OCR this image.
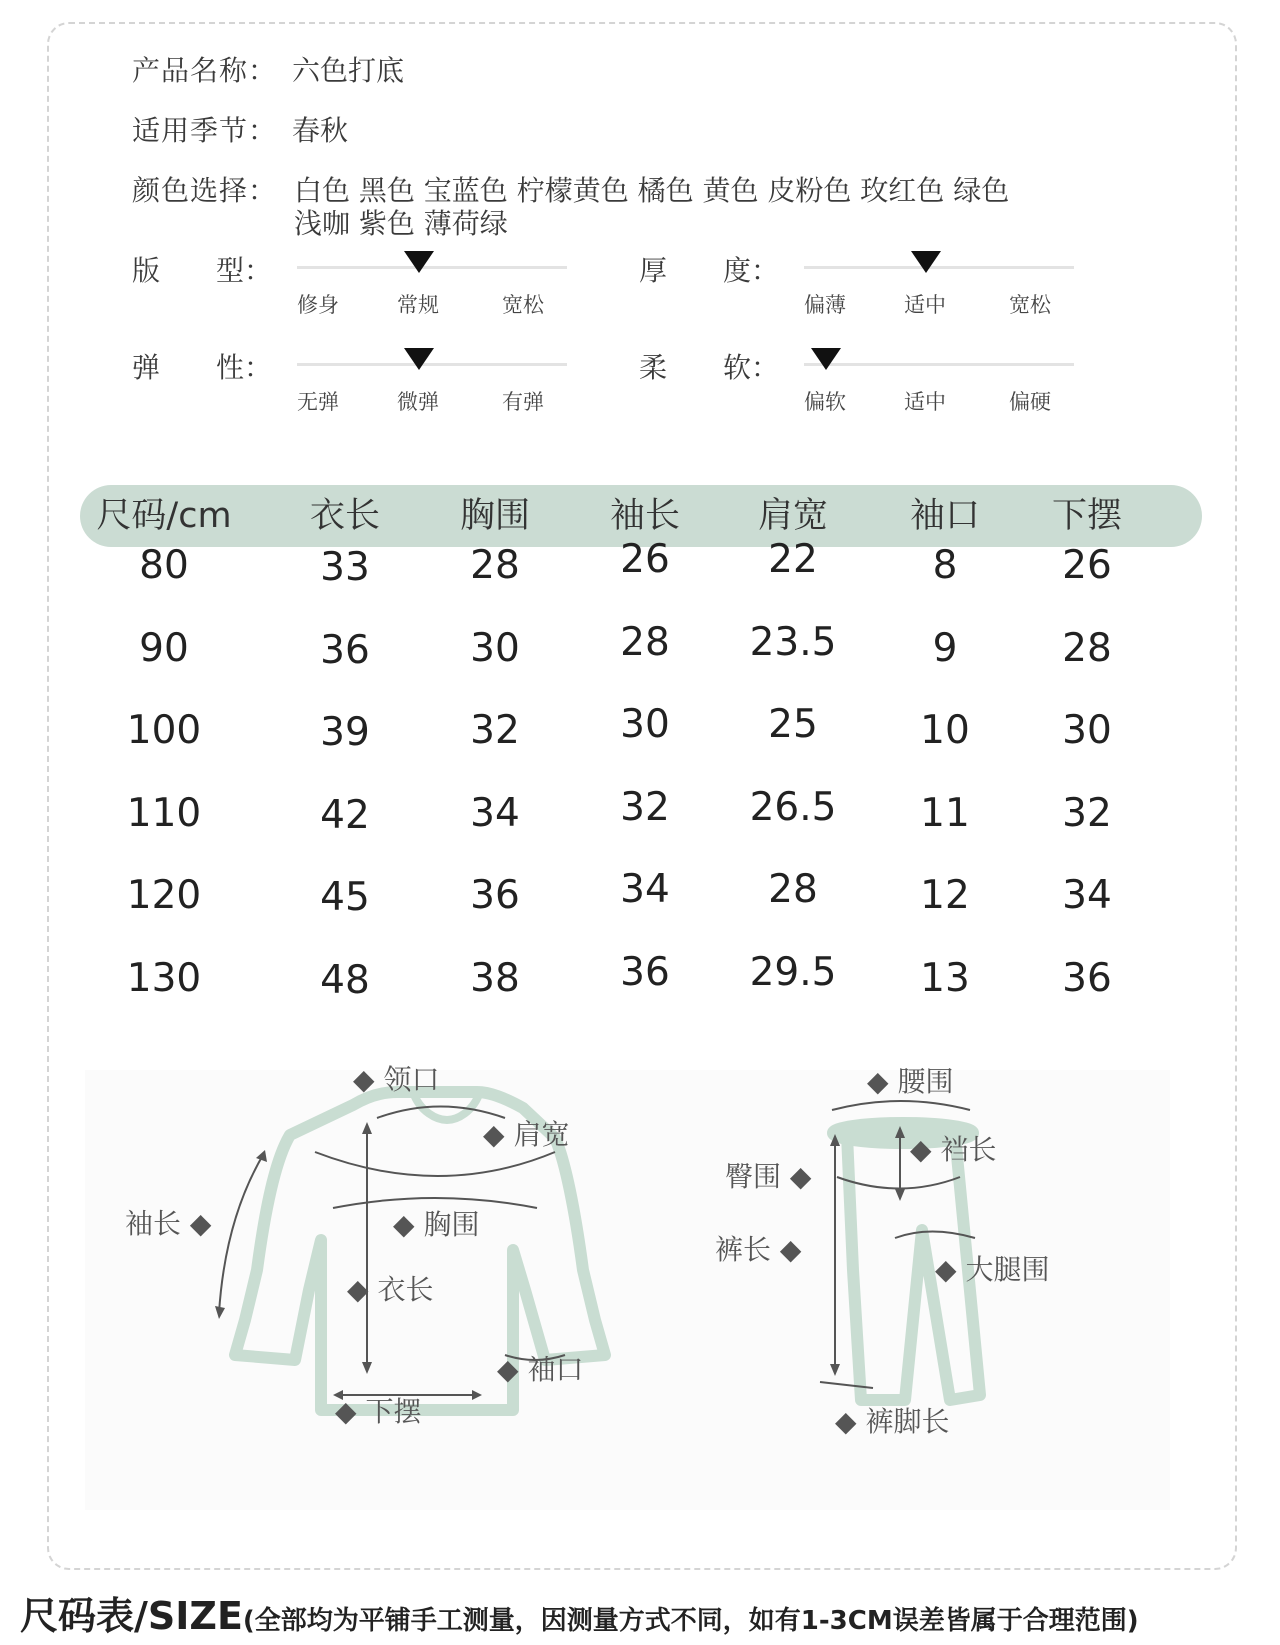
产品名称： 六色打底
适用季节： 春秋
颜色选择： 白色 黑色 宝蓝色 柠檬黄色 橘色 黄色 皮粉色 玫红色 绿色
浅咖 紫色 薄荷绿
版　　型：
修身	常规	宽松
厚　　度：
偏薄	适中	宽松
弹　　性：
无弹	微弹	有弹
柔　　软：
偏软	适中	偏硬
尺码/cm 衣长 胸围 袖长 肩宽 袖口 下摆
80	33	28	26	22	8	26
90	36	30	28 23.5 9	28
100	39	32	30	25	10 30
110	42	34	32 26.5 11 32
120	45	36	34	28	12 34
130	48	38	36 29.5 13 36
◆ 领口
◆ 肩宽
袖长 ◆	◆ 胸围
◆ 衣长
◆ 袖口
◆ 下摆
◆ 腰围
◆ 裆长
臀围 ◆
裤长 ◆
◆ 大腿围
◆ 裤脚长
尺码表/SIZE(全部均为平铺手工测量，因测量方式不同，如有1-3CM误差皆属于合理范围)
